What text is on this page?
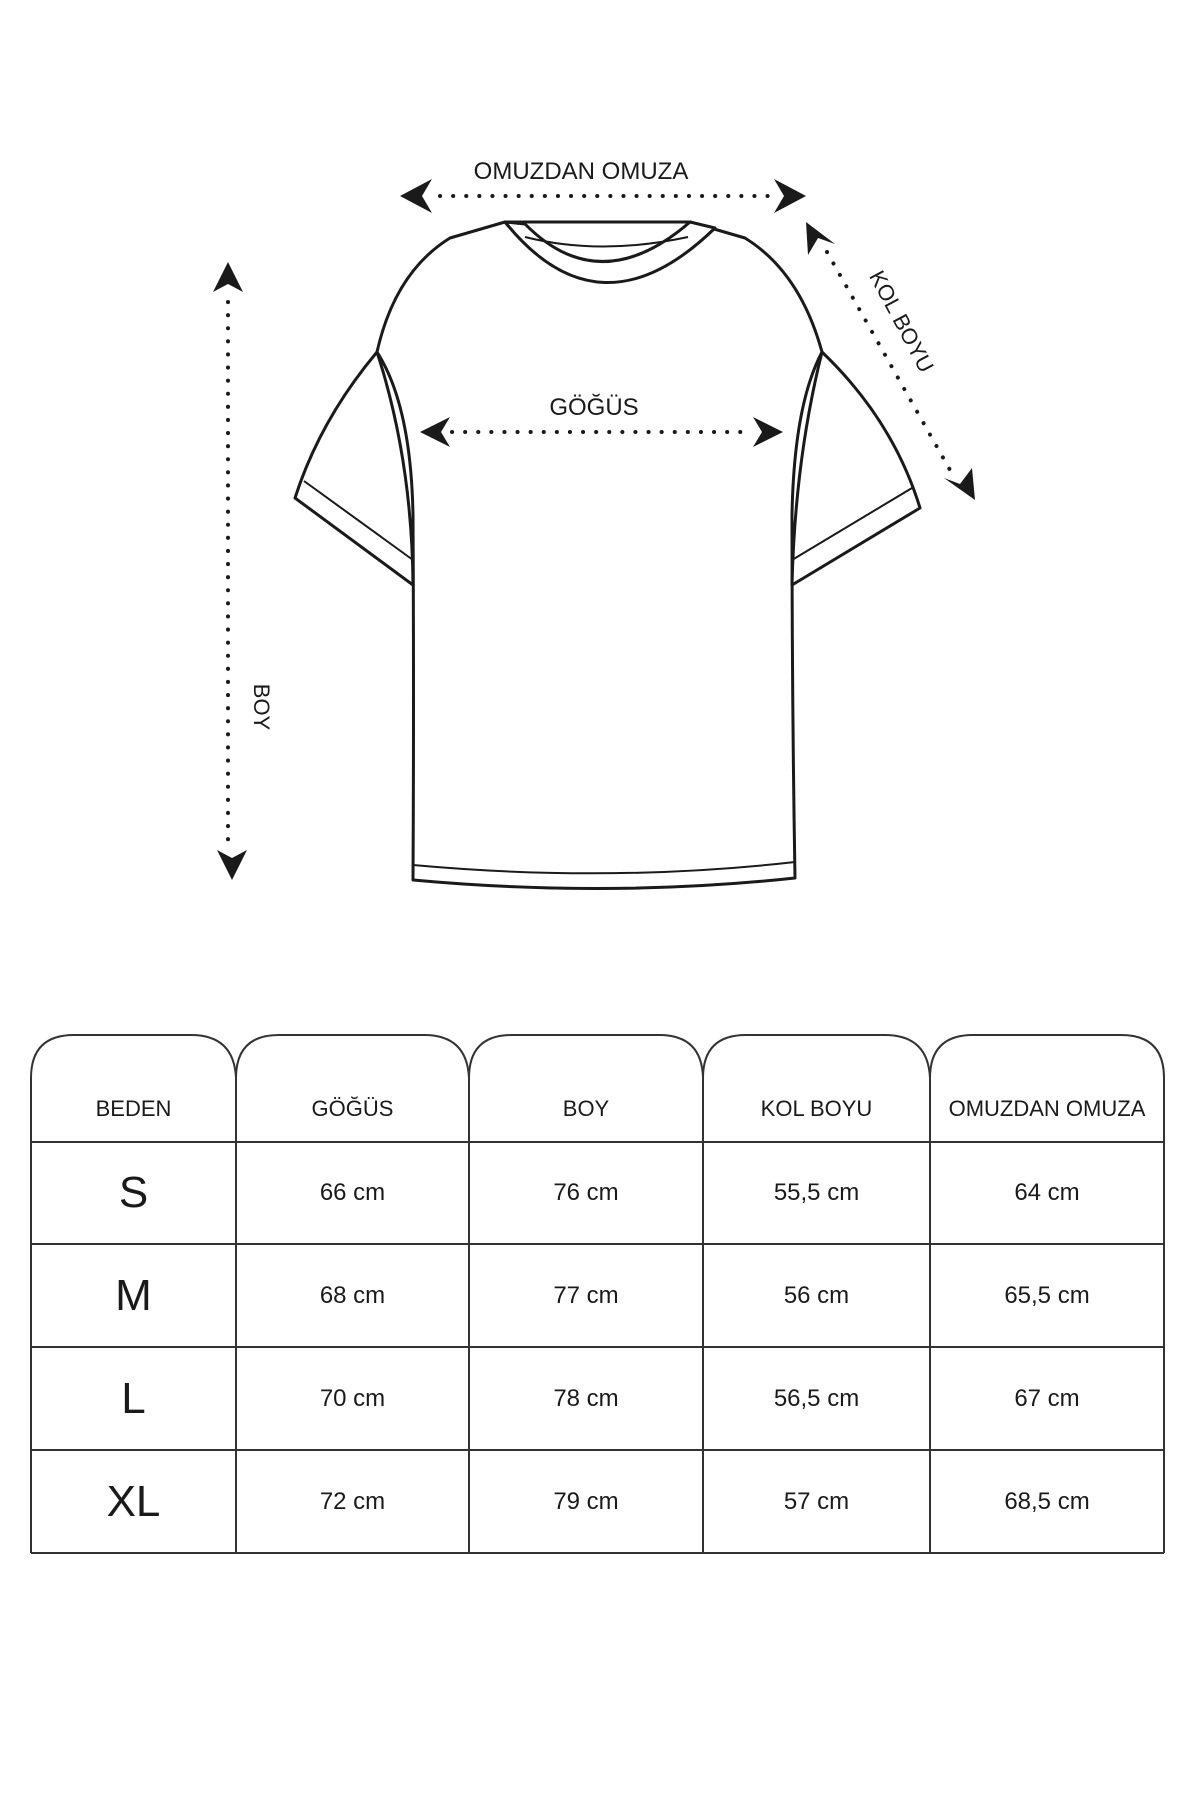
OMUZDAN OMUZA
KOL BOYU
GÖĞÜS
BOY
BEDEN	GÖĞÜS	BOY	KOL BOYU	OMUZDAN OMUZA
S	66 cm	76 cm	55,5 cm	64 cm
M	68 cm	77 cm	56 cm	65,5 cm
L	70 cm	78 cm	56,5 cm	67 cm
XL	72 cm	79 cm	57 cm	68,5 cm
